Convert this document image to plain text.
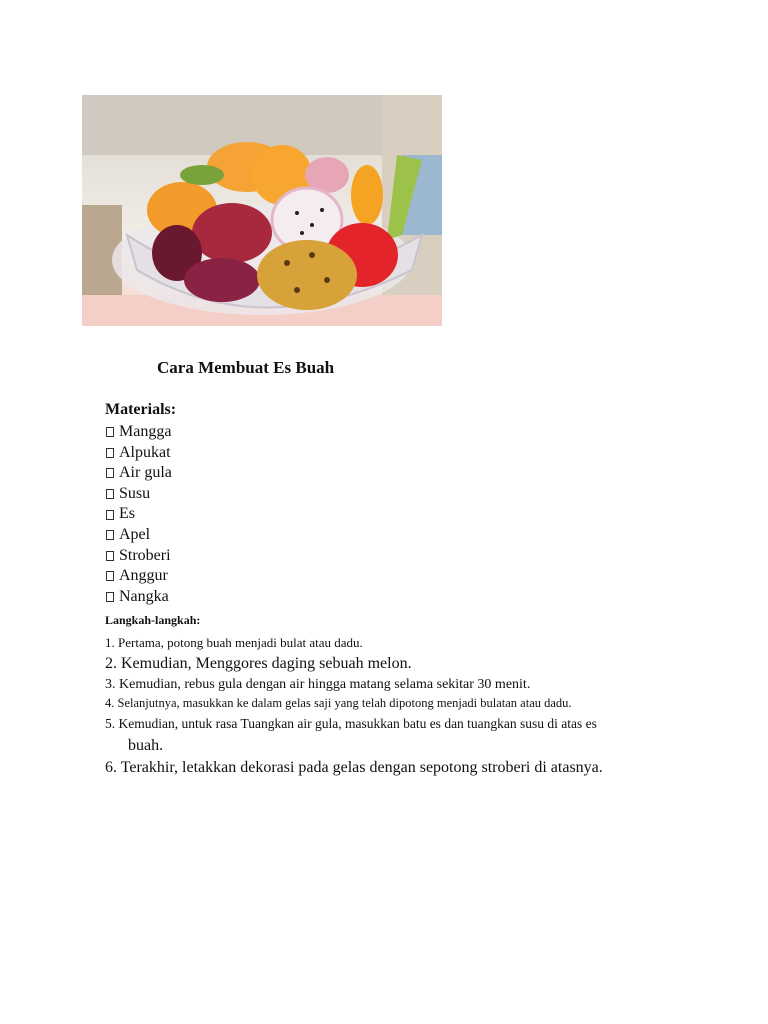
Cara Membuat Es Buah
Materials:
Mangga
Alpukat
Air gula
Susu
Es
Apel
Stroberi
Anggur
Nangka
Langkah-langkah:
1. Pertama, potong buah menjadi bulat atau dadu.
2. Kemudian, Menggores daging sebuah melon.
3. Kemudian, rebus gula dengan air hingga matang selama sekitar 30 menit.
4. Selanjutnya, masukkan ke dalam gelas saji yang telah dipotong menjadi bulatan atau dadu.
5. Kemudian, untuk rasa Tuangkan air gula, masukkan batu es dan tuangkan susu di atas es
buah.
6. Terakhir, letakkan dekorasi pada gelas dengan sepotong stroberi di atasnya.
